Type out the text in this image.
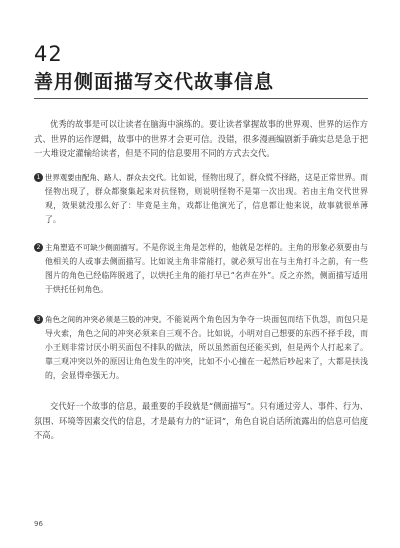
42
善用侧面描写交代故事信息

优秀的故事是可以让读者在脑海中演练的。要让读者掌握故事的世界观、世界的运作方式、世界的运作逻辑，故事中的世界才会更可信。没错，很多漫画编剧新手确实总是急于把一大堆设定灌输给读者，但是不同的信息要用不同的方式去交代。

1 世界观要由配角、路人、群众去交代。比如说，怪物出现了，群众慌不择路，这是正常世界。而怪物出现了，群众都聚集起来对抗怪物，则说明怪物不是第一次出现。若由主角交代世界观，效果就没那么好了：毕竟是主角，戏都让他演光了，信息都让他来说，故事就很单薄了。

2 主角塑造不可缺少侧面描写。不是你说主角是怎样的，他就是怎样的。主角的形象必须要由与他相关的人或事去侧面描写。比如说主角非常能打，就必须写出在与主角打斗之前，有一些图片的角色已经临阵脱逃了，以烘托主角的能打早已“名声在外”。反之亦然，侧面描写适用于烘托任何角色。

3 角色之间的冲突必须是三股的冲突。不能说两个角色因为争夺一块面包而结下仇怨，而包只是导火索，角色之间的冲突必须来自三观不合。比如说，小明对自己想要的东西不择手段，而小王则非常讨厌小明买面包不排队的做法，所以虽然面包还能买到，但是两个人打起来了。靠三观冲突以外的原因让角色发生的冲突，比如不小心撞在一起然后吵起来了，大都是扶浅的，会显得牵强无力。

交代好一个故事的信息，最重要的手段就是“侧面描写”。只有通过旁人、事件、行为、氛围、环境等因素交代的信息，才是最有力的“证词”，角色自说自话所流露出的信息可信度不高。

96
